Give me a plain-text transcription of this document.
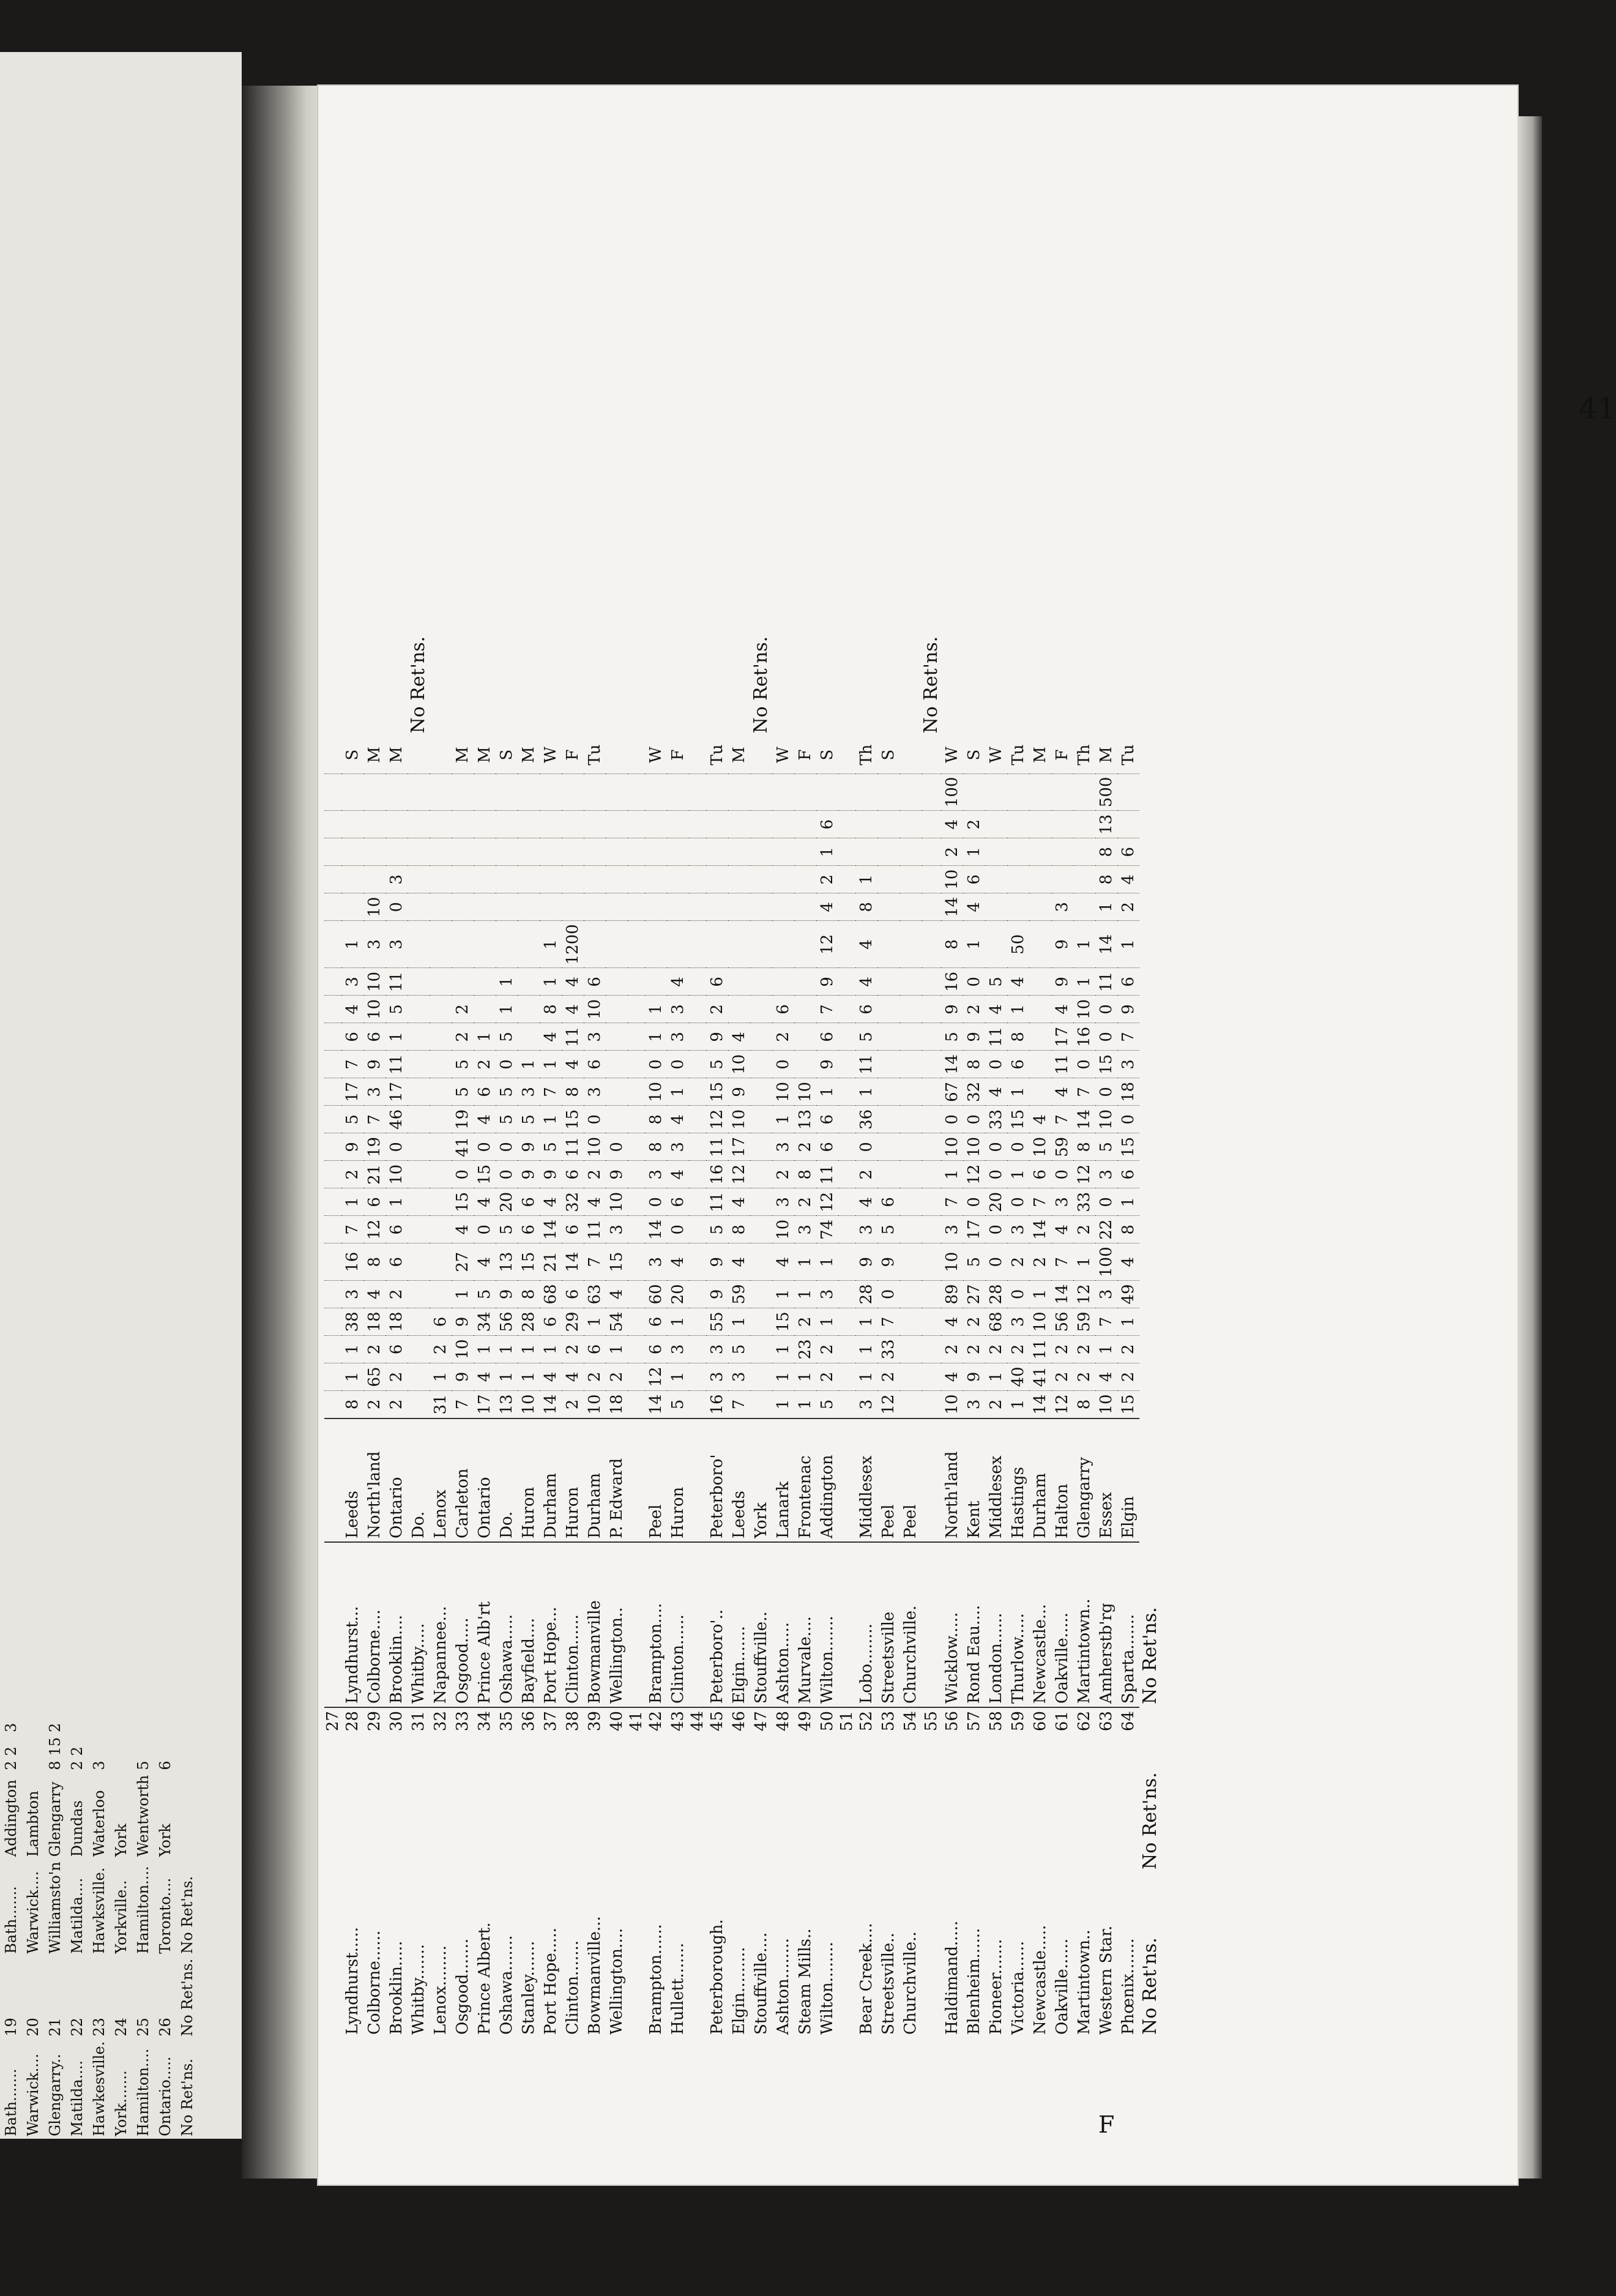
Bath.......	19	Bath.......	Addington	2	2	3
Warwick....	20	Warwick....	Lambton			
Glengarry..	21	Williamsto'n	Glengarry	8	15	2
Matilda....	22	Matilda....	Dundas	2	2	
Hawkesville.	23	Hawksville.	Waterloo	3		
York.......	24	Yorkville..	York			
Hamilton....	25	Hamilton....	Wentworth	5		
Ontario.....	26	Toronto....	York	6		
No Ret'ns.	No Ret'ns.	No Ret'ns.				
41
F
	27																										
Lyndhurst.....	28	Lyndhurst...	Leeds	8	1	1	38	3	16	7	1	2	9	5	17	7	6	4	3	1						S	
Colborne......	29	Colborne....	North'land	2	65	2	18	4	8	12	6	21	19	7	3	9	6	10	10	3	10					M	
Brooklin.....	30	Brooklin....	Ontario	2	2	6	18	2	6	6	1	10	0	46	17	11	1	5	11	3	0	3				M	
Whitby.......	31	Whitby.....	Do.																								No Ret'ns.
Lenox........	32	Napannee...	Lenox	31	1	2	6																				
Osgood.......	33	Osgood.....	Carleton	7	9	10	9	1	27	4	15	0	41	19	5	5	2	2								M	
Prince Albert.	34	Prince Alb'rt	Ontario	17	4	1	34	5	4	0	4	15	0	4	6	2	1									M	
Oshawa.......	35	Oshawa.....	Do.	13	1	1	56	9	13	5	20	0	0	5	5	0	5	1	1							S	
Stanley.......	36	Bayfield....	Huron	10	1	1	28	8	15	6	6	9	9	5	3	1										M	
Port Hope.....	37	Port Hope...	Durham	14	4	1	6	68	21	14	4	9	5	1	7	1	4	8	1	1						W	
Clinton.......	38	Clinton......	Huron	2	4	2	29	6	14	6	32	6	11	15	8	4	11	4	4	1200						F	
Bowmanville...	39	Bowmanville	Durham	10	2	6	1	63	7	11	4	2	10	0	3	6	3	10	6							Tu	
Wellington....	40	Wellington..	P. Edward	18	2	1	54	4	15	3	10	9	0														
	41																										
Brampton......	42	Brampton....	Peel	14	12	6	6	60	3	14	0	3	8	8	10	0	1	1								W	
Hullett.......	43	Clinton......	Huron	5	1	3	1	20	4	0	6	4	3	4	1	0	3	3	4							F	
	44																										
Peterborough.	45	Peterboro'..	Peterboro'	16	3	3	55	9	9	5	11	16	11	12	15	5	9	2	6							Tu	
Elgin.........	46	Elgin.......	Leeds	7	3	5	1	59	4	8	4	12	17	10	9	10	4									M	
Stouffville....	47	Stouffville..	York																								No Ret'ns.
Ashton........	48	Ashton.....	Lanark	1	1	1	15	1	4	10	3	2	3	1	10	0	2	6								W	
Steam Mills..	49	Murvale....	Frontenac	1	1	23	2	1	1	3	2	8	2	13	10											F	
Wilton........	50	Wilton.......	Addington	5	2	2	1	3	1	74	12	11	6	6	1	9	6	7	9	12	4	2	1	6		S	
	51																										
Bear Creek....	52	Lobo........	Middlesex	3	1	1	1	28	9	3	4	2	0	36	1	11	5	6	4	4	8	1				Th	
Streetsville..	53	Streetsville	Peel	12	2	33	7	0	9	5	6															S	
Churchville..	54	Churchville.	Peel																								
	55																										No Ret'ns.
Haldimand.....	56	Wicklow.....	North'land	10	4	2	4	89	10	3	7	1	10	0	67	14	5	9	16	8	14	10	2	4	100	W	
Blenheim......	57	Rond Eau....	Kent	3	9	2	2	27	5	17	0	12	10	0	32	8	9	2	0	1	4	6	1	2		S	
Pioneer.......	58	London......	Middlesex	2	1	2	68	28	0	0	20	0	0	33	4	0	11	4	5							W	
Victoria......	59	Thurlow.....	Hastings	1	40	2	3	0	2	3	0	1	0	15	1	6	8	1	4	50						Tu	
Newcastle.....	60	Newcastle...	Durham	14	41	11	10	1	2	14	7	6	10	4												M	
Oakville......	61	Oakville.....	Halton	12	2	2	56	14	7	4	3	0	59	7	4	11	17	4	9	9	3					F	
Martintown..	62	Martintown..	Glengarry	8	2	2	59	12	1	2	33	12	8	14	7	0	16	10	1	1						Th	
Western Star.	63	Amherstb'rg	Essex	10	4	1	7	3	100	22	0	3	5	10	0	15	0	0	11	14	1	8	8	13	500	M	
Phœnix.......	64	Sparta.......	Elgin	15	2	2	1	49	4	8	1	6	15	0	18	3	7	9	6	1	2	4	6			Tu	
No Ret'ns.	No Ret'ns.	No Ret'ns.																									
